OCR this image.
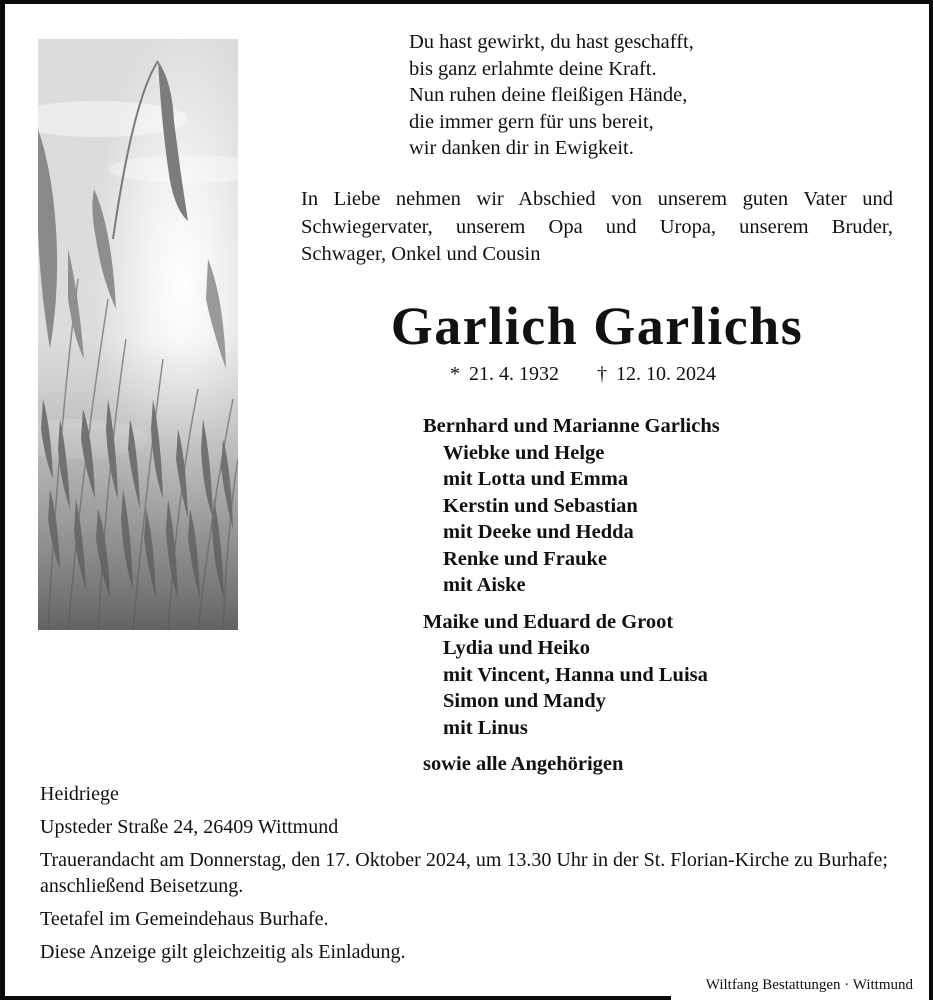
Du hast gewirkt, du hast geschafft,
bis ganz erlahmte deine Kraft.
Nun ruhen deine fleißigen Hände,
die immer gern für uns bereit,
wir danken dir in Ewigkeit.
In Liebe nehmen wir Abschied von unserem guten Vater und
Schwiegervater, unserem Opa und Uropa, unserem Bruder,
Schwager, Onkel und Cousin
Garlich Garlichs
* 21. 4. 1932 † 12. 10. 2024
Bernhard und Marianne Garlichs
Wiebke und Helge
mit Lotta und Emma
Kerstin und Sebastian
mit Deeke und Hedda
Renke und Frauke
mit Aiske
Maike und Eduard de Groot
Lydia und Heiko
mit Vincent, Hanna und Luisa
Simon und Mandy
mit Linus
sowie alle Angehörigen

Heidriege

Upsteder Straße 24, 26409 Wittmund

Trauerandacht am Donnerstag, den 17. Oktober 2024, um 13.30 Uhr in der St. Florian-Kirche zu Burhafe; anschließend Beisetzung.

Teetafel im Gemeindehaus Burhafe.

Diese Anzeige gilt gleichzeitig als Einladung.

Wiltfang Bestattungen · Wittmund
